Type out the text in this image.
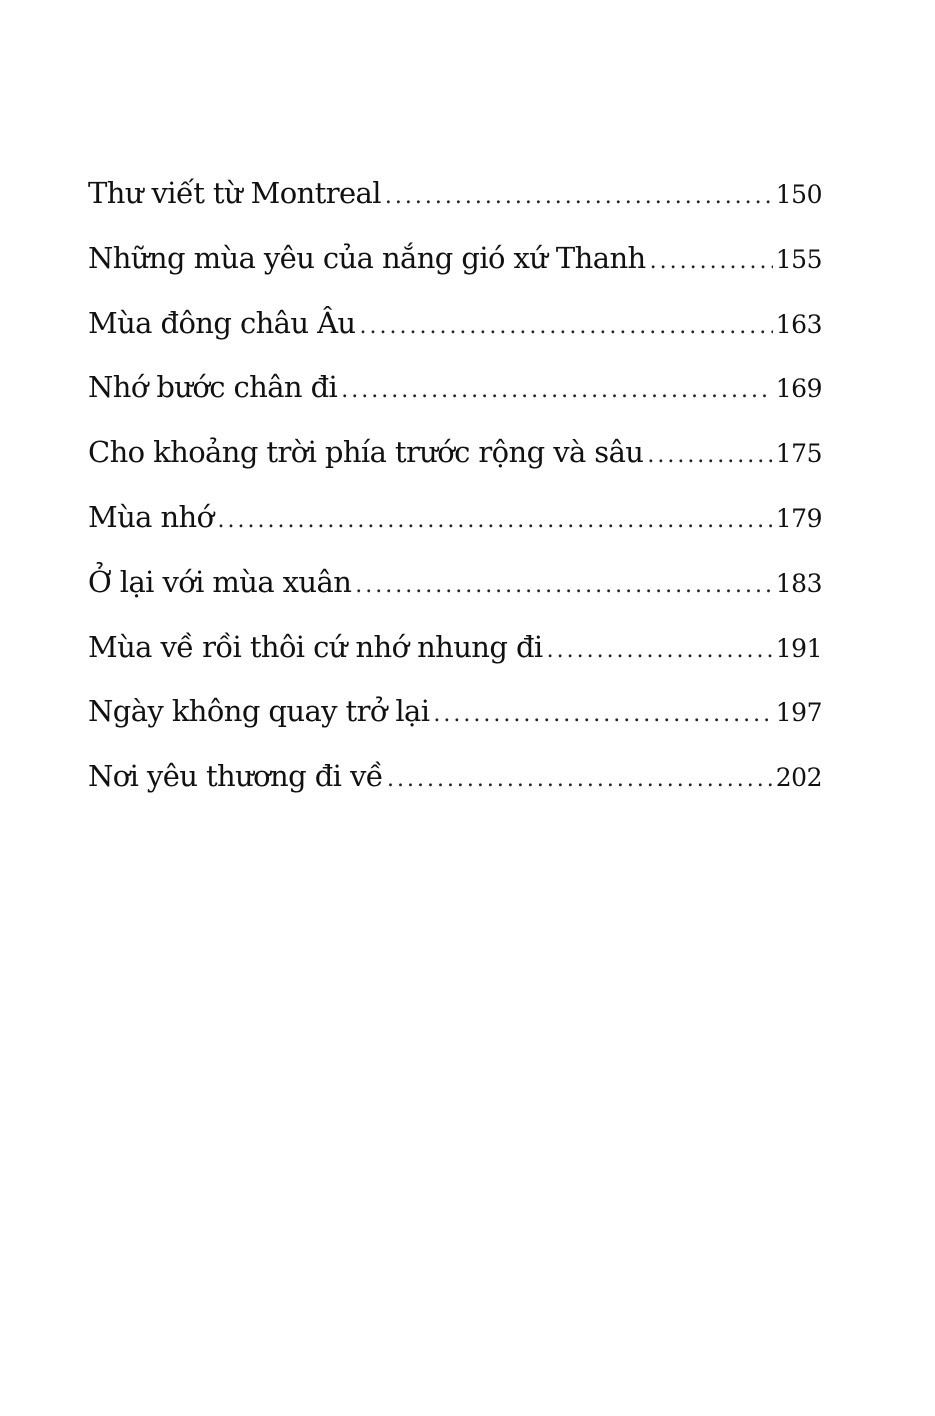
Thư viết từ Montreal .....	150
Những mùa yêu của nắng gió xứ Thanh .....	155
Mùa đông châu Âu .....	163
Nhớ bước chân đi .....	169
Cho khoảng trời phía trước rộng và sâu .....	175
Mùa nhớ .....	179
Ở lại với mùa xuân .....	183
Mùa về rồi thôi cứ nhớ nhung đi .....	191
Ngày không quay trở lại .....	197
Nơi yêu thương đi về .....	202
